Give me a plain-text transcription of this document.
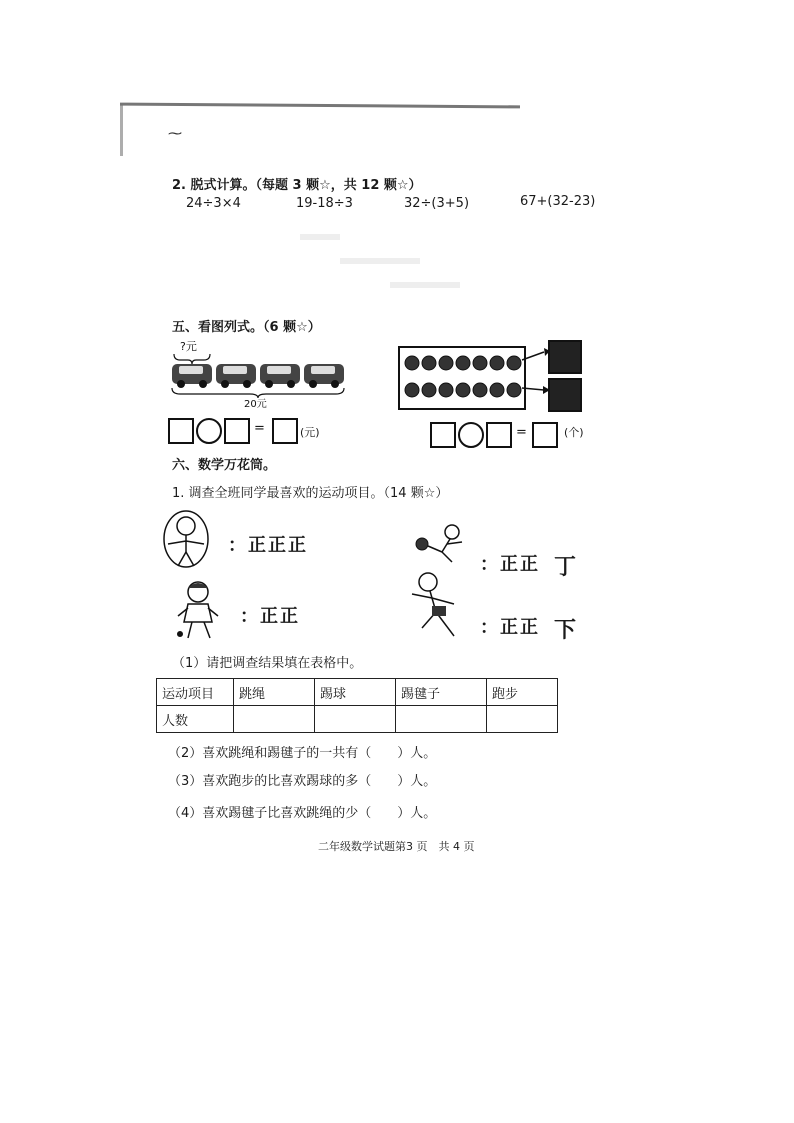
⁓
2. 脱式计算。（每题 3 颗☆，共 12 颗☆）
24÷3×4	19-18÷3	32÷(3+5)	67+(32-23)
五、看图列式。（6 颗☆）
?元
20元
=	(元)	=	(个)
六、数学万花筒。
1. 调查全班同学最喜欢的运动项目。（14 颗☆）
：正正正
：正正 丁
：正正
：正正 下
（1）请把调查结果填在表格中。
运动项目	跳绳	踢球	踢毽子	跑步
人数				
（2）喜欢跳绳和踢毽子的一共有（　　）人。
（3）喜欢跑步的比喜欢踢球的多（　　）人。
（4）喜欢踢毽子比喜欢跳绳的少（　　）人。
二年级数学试题第3 页　共 4 页
